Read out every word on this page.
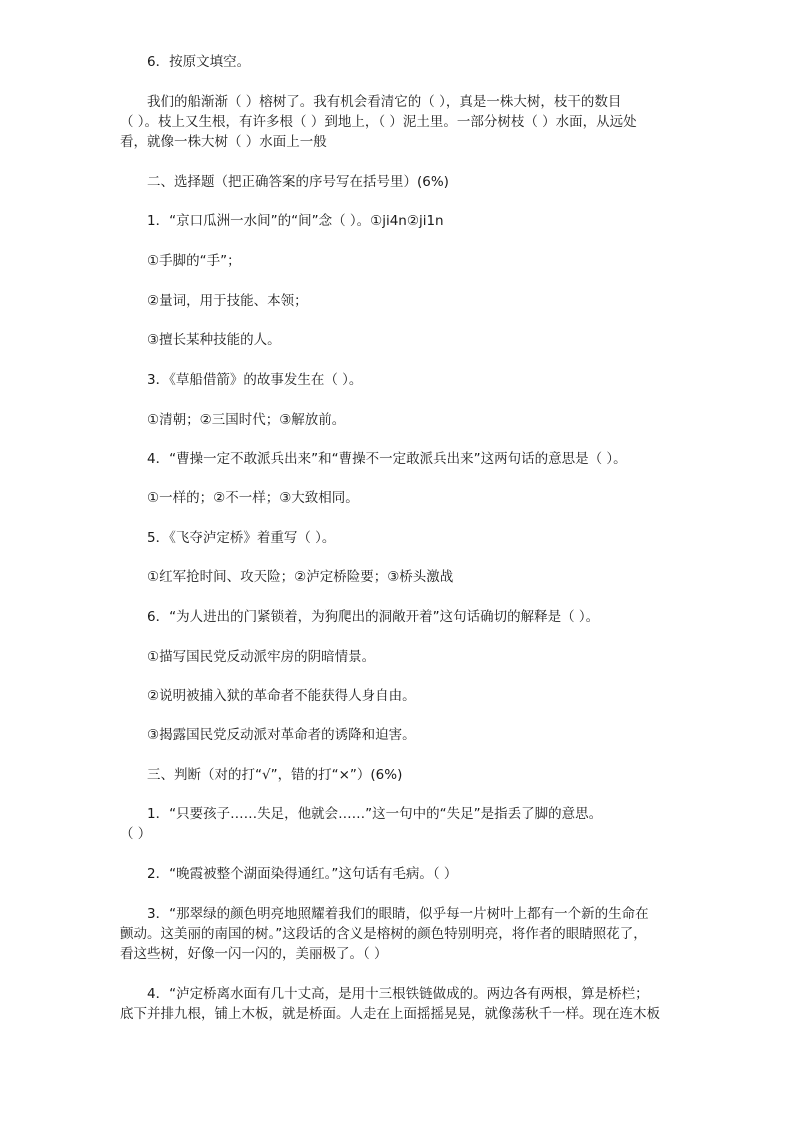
6．按原文填空。
我们的船渐渐（ ）榕树了。我有机会看清它的（ ），真是一株大树，枝干的数目
（ ）。枝上又生根，有许多根（ ）到地上，（ ）泥土里。一部分树枝（ ）水面，从远处
看，就像一株大树（ ）水面上一般
二、选择题（把正确答案的序号写在括号里）(6%)
1．“京口瓜洲一水间”的“间”念（ ）。①ji4n②ji1n
①手脚的“手”；
②量词，用于技能、本领；
③擅长某种技能的人。
3．《草船借箭》的故事发生在（ ）。
①清朝；②三国时代；③解放前。
4．“曹操一定不敢派兵出来”和“曹操不一定敢派兵出来”这两句话的意思是（ ）。
①一样的；②不一样；③大致相同。
5．《飞夺泸定桥》着重写（ ）。
①红军抢时间、攻天险；②泸定桥险要；③桥头激战
6．“为人进出的门紧锁着，为狗爬出的洞敞开着”这句话确切的解释是（ ）。
①描写国民党反动派牢房的阴暗情景。
②说明被捕入狱的革命者不能获得人身自由。
③揭露国民党反动派对革命者的诱降和迫害。
三、判断（对的打“√”，错的打“×”）(6%)
1．“只要孩子……失足，他就会……”这一句中的“失足”是指丢了脚的意思。
（ ）
2．“晚霞被整个湖面染得通红。”这句话有毛病。（ ）
3．“那翠绿的颜色明亮地照耀着我们的眼睛，似乎每一片树叶上都有一个新的生命在
颤动。这美丽的南国的树。”这段话的含义是榕树的颜色特别明亮，将作者的眼睛照花了，
看这些树，好像一闪一闪的，美丽极了。（ ）
4．“泸定桥离水面有几十丈高，是用十三根铁链做成的。两边各有两根，算是桥栏；
底下并排九根，铺上木板，就是桥面。人走在上面摇摇晃晃，就像荡秋千一样。现在连木板
